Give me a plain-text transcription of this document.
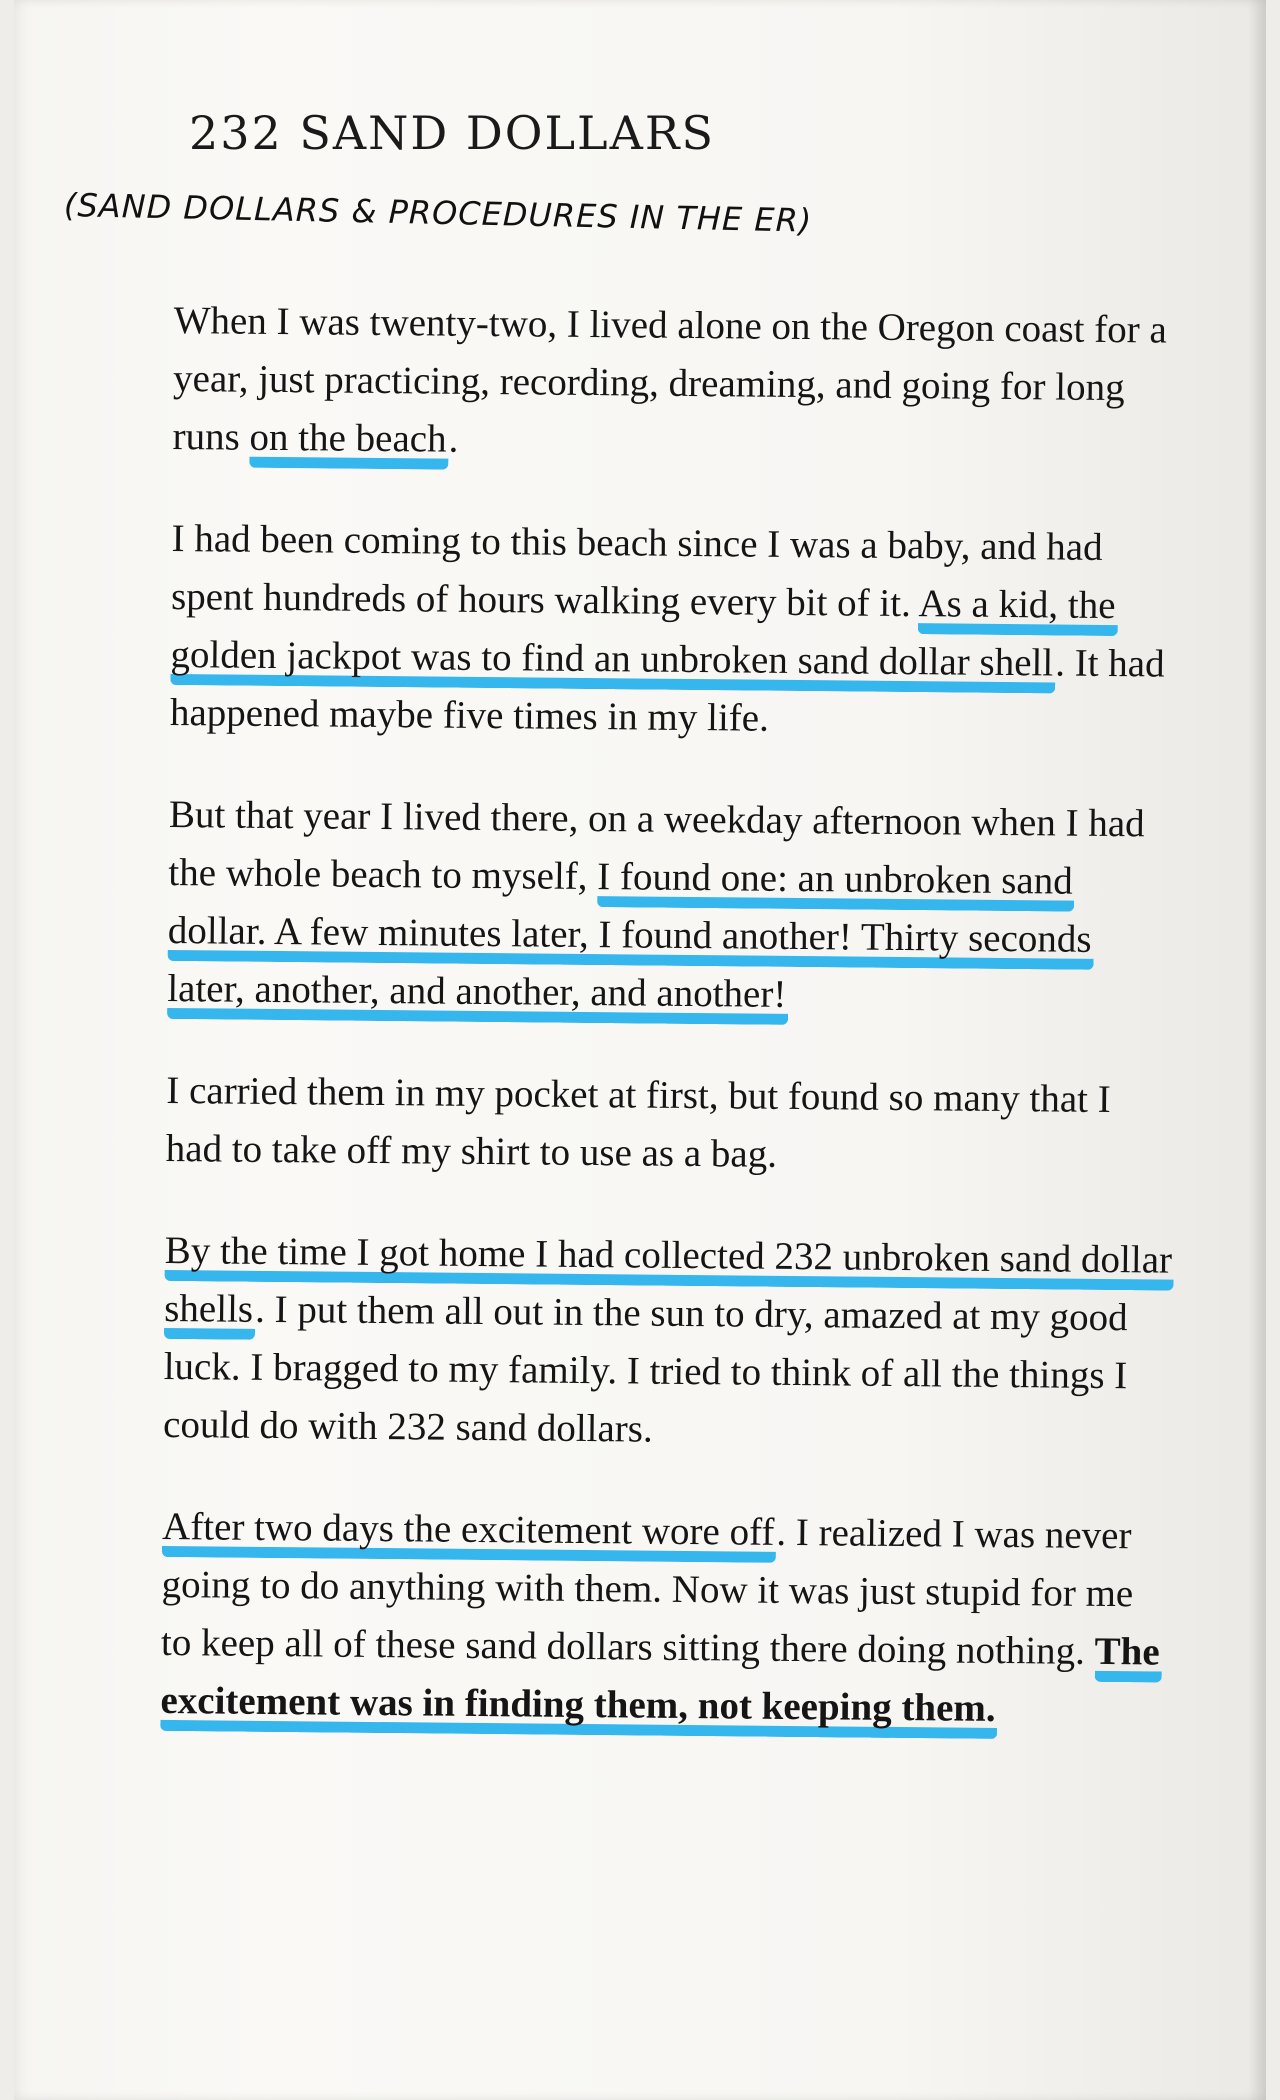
232 SAND DOLLARS
(SAND DOLLARS & PROCEDURES IN THE ER)

When I was twenty-two, I lived alone on the Oregon coast for a year, just practicing, recording, dreaming, and going for long runs on the beach.

I had been coming to this beach since I was a baby, and had spent hundreds of hours walking every bit of it. As a kid, the golden jackpot was to find an unbroken sand dollar shell. It had happened maybe five times in my life.

But that year I lived there, on a weekday afternoon when I had the whole beach to myself, I found one: an unbroken sand dollar. A few minutes later, I found another! Thirty seconds later, another, and another, and another!

I carried them in my pocket at first, but found so many that I had to take off my shirt to use as a bag.

By the time I got home I had collected 232 unbroken sand dollar shells. I put them all out in the sun to dry, amazed at my good luck. I bragged to my family. I tried to think of all the things I could do with 232 sand dollars.

After two days the excitement wore off. I realized I was never going to do anything with them. Now it was just stupid for me to keep all of these sand dollars sitting there doing nothing. The excitement was in finding them, not keeping them.
